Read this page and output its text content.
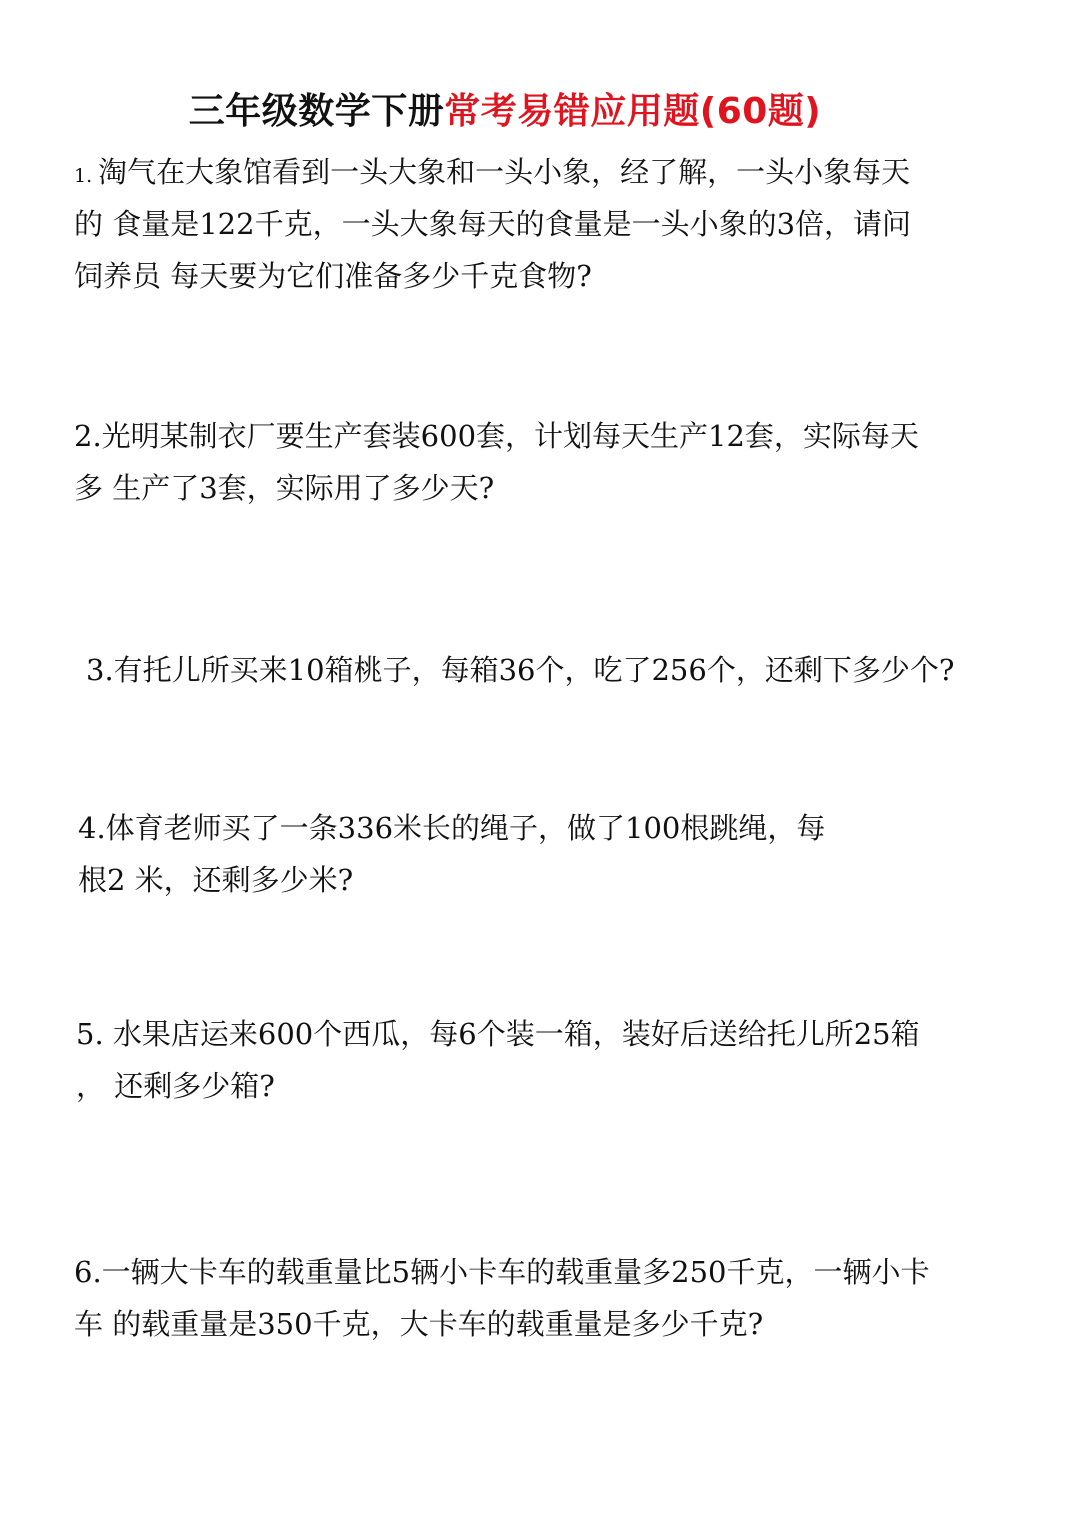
三年级数学下册常考易错应用题(60题)
1. 淘气在大象馆看到一头大象和一头小象，经了解，一头小象每天
的 食量是122千克，一头大象每天的食量是一头小象的3倍，请问
饲养员 每天要为它们准备多少千克食物?
2.光明某制衣厂要生产套装600套，计划每天生产12套，实际每天
多 生产了3套，实际用了多少天?
3.有托儿所买来10箱桃子，每箱36个，吃了256个，还剩下多少个?
4.体育老师买了一条336米长的绳子，做了100根跳绳，每
根2 米，还剩多少米?
5. 水果店运来600个西瓜，每6个装一箱，装好后送给托儿所25箱
， 还剩多少箱?
6.一辆大卡车的载重量比5辆小卡车的载重量多250千克，一辆小卡
车 的载重量是350千克，大卡车的载重量是多少千克?
